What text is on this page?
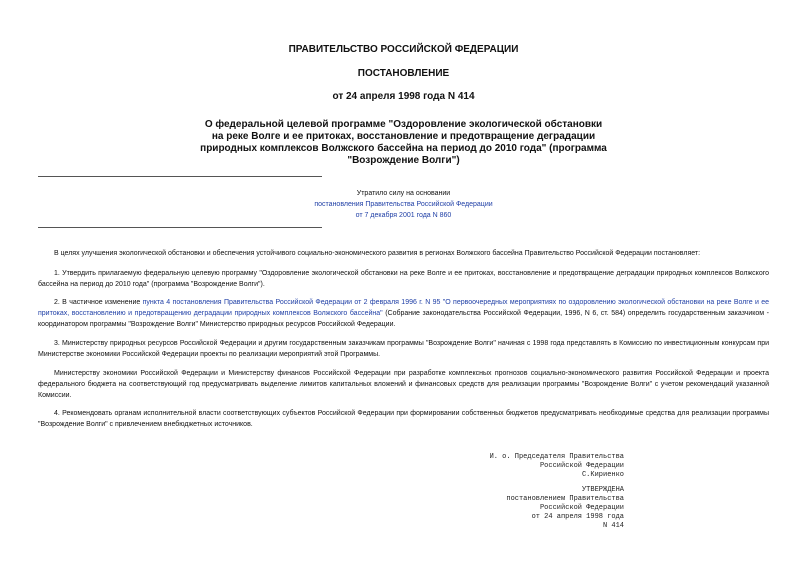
ПРАВИТЕЛЬСТВО РОССИЙСКОЙ ФЕДЕРАЦИИ
ПОСТАНОВЛЕНИЕ
от 24 апреля 1998 года N 414
О федеральной целевой программе "Оздоровление экологической обстановки на реке Волге и ее притоках, восстановление и предотвращение деградации природных комплексов Волжского бассейна на период до 2010 года" (программа "Возрождение Волги")
Утратило силу на основании
постановления Правительства Российской Федерации
от 7 декабря 2001 года N 860

В целях улучшения экологической обстановки и обеспечения устойчивого социально-экономического развития в регионах Волжского бассейна Правительство Российской Федерации постановляет:

1. Утвердить прилагаемую федеральную целевую программу "Оздоровление экологической обстановки на реке Волге и ее притоках, восстановление и предотвращение деградации природных комплексов Волжского бассейна на период до 2010 года" (программа "Возрождение Волги").

2. В частичное изменение пункта 4 постановления Правительства Российской Федерации от 2 февраля 1996 г. N 95 "О первоочередных мероприятиях по оздоровлению экологической обстановки на реке Волге и ее притоках, восстановлению и предотвращению деградации природных комплексов Волжского бассейна" (Собрание законодательства Российской Федерации, 1996, N 6, ст. 584) определить государственным заказчиком - координатором программы "Возрождение Волги" Министерство природных ресурсов Российской Федерации.

3. Министерству природных ресурсов Российской Федерации и другим государственным заказчикам программы "Возрождение Волги" начиная с 1998 года представлять в Комиссию по инвестиционным конкурсам при Министерстве экономики Российской Федерации проекты по реализации мероприятий этой Программы.

Министерству экономики Российской Федерации и Министерству финансов Российской Федерации при разработке комплексных прогнозов социально-экономического развития Российской Федерации и проекта федерального бюджета на соответствующий год предусматривать выделение лимитов капитальных вложений и финансовых средств для реализации программы "Возрождение Волги" с учетом рекомендаций указанной Комиссии.

4. Рекомендовать органам исполнительной власти соответствующих субъектов Российской Федерации при формировании собственных бюджетов предусматривать необходимые средства для реализации программы "Возрождение Волги" с привлечением внебюджетных источников.

И. о. Председателя Правительства
Российской Федерации
С.Кириенко
УТВЕРЖДЕНА
постановлением Правительства
Российской Федерации
от 24 апреля 1998 года
N 414
